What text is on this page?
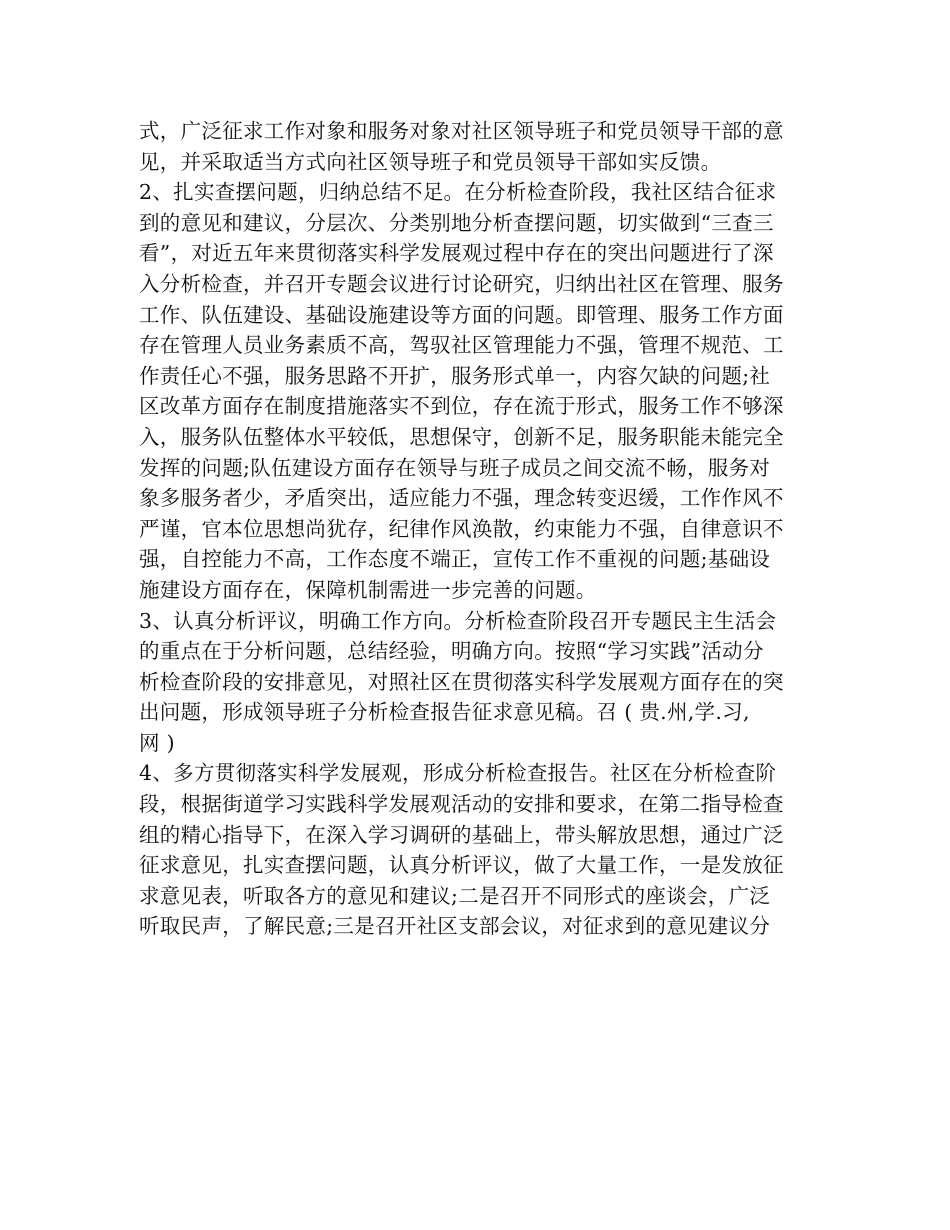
式，广泛征求工作对象和服务对象对社区领导班子和党员领导干部的意
见，并采取适当方式向社区领导班子和党员领导干部如实反馈。
2、扎实查摆问题，归纳总结不足。在分析检查阶段，我社区结合征求
到的意见和建议，分层次、分类别地分析查摆问题，切实做到“三查三
看”，对近五年来贯彻落实科学发展观过程中存在的突出问题进行了深
入分析检查，并召开专题会议进行讨论研究，归纳出社区在管理、服务
工作、队伍建设、基础设施建设等方面的问题。即管理、服务工作方面
存在管理人员业务素质不高，驾驭社区管理能力不强，管理不规范、工
作责任心不强，服务思路不开扩，服务形式单一，内容欠缺的问题;社
区改革方面存在制度措施落实不到位，存在流于形式，服务工作不够深
入，服务队伍整体水平较低，思想保守，创新不足，服务职能未能完全
发挥的问题;队伍建设方面存在领导与班子成员之间交流不畅，服务对
象多服务者少，矛盾突出，适应能力不强，理念转变迟缓，工作作风不
严谨，官本位思想尚犹存，纪律作风涣散，约束能力不强，自律意识不
强，自控能力不高，工作态度不端正，宣传工作不重视的问题;基础设
施建设方面存在，保障机制需进一步完善的问题。
3、认真分析评议，明确工作方向。分析检查阶段召开专题民主生活会
的重点在于分析问题，总结经验，明确方向。按照“学习实践”活动分
析检查阶段的安排意见，对照社区在贯彻落实科学发展观方面存在的突
出问题，形成领导班子分析检查报告征求意见稿。召 ( 贵.州,学.习,
网 )
4、多方贯彻落实科学发展观，形成分析检查报告。社区在分析检查阶
段，根据街道学习实践科学发展观活动的安排和要求，在第二指导检查
组的精心指导下，在深入学习调研的基础上，带头解放思想，通过广泛
征求意见，扎实查摆问题，认真分析评议，做了大量工作，一是发放征
求意见表，听取各方的意见和建议;二是召开不同形式的座谈会，广泛
听取民声，了解民意;三是召开社区支部会议，对征求到的意见建议分
